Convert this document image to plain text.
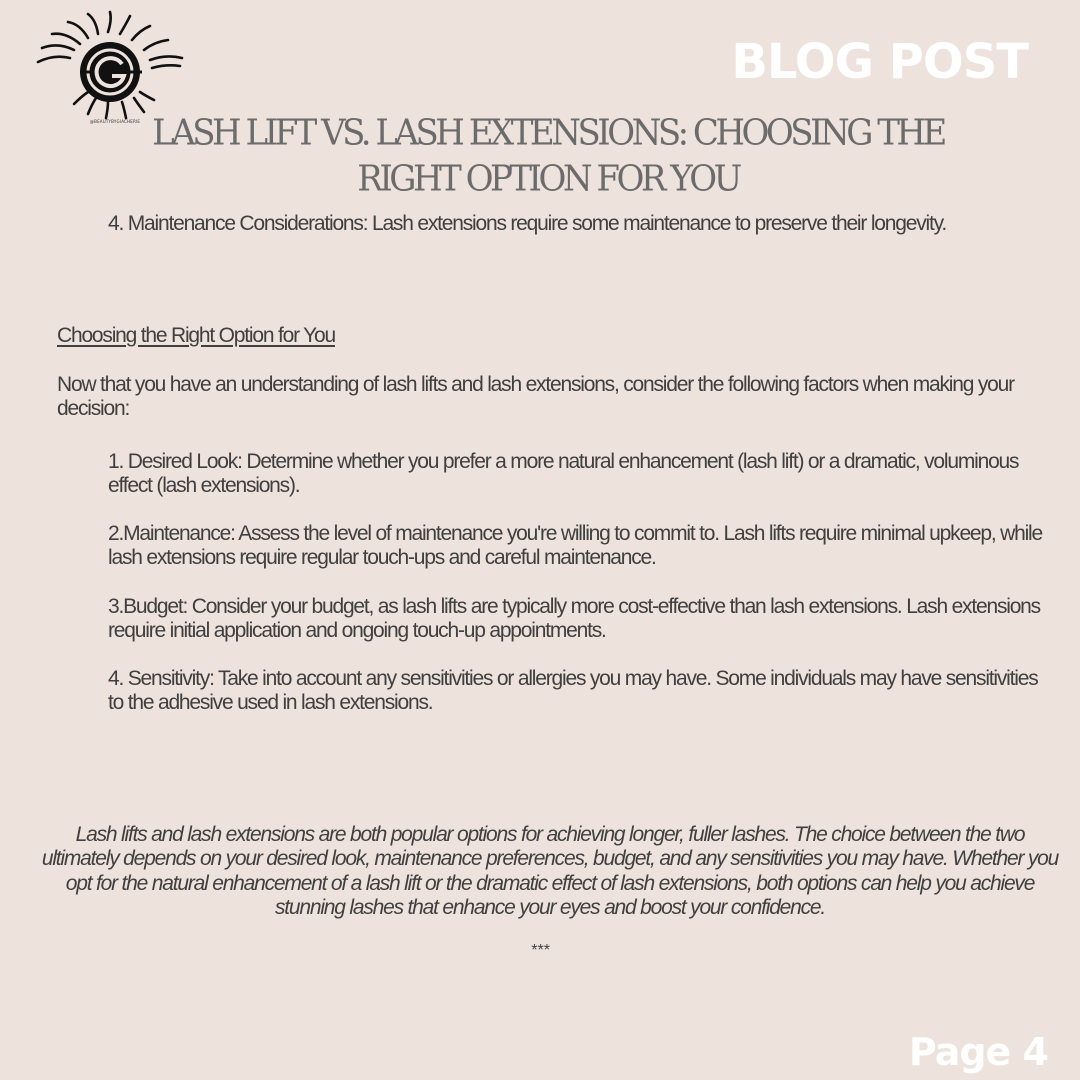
@BEAUTYBYGIACHERIE
BLOG POST
LASH LIFT VS. LASH EXTENSIONS: CHOOSING THE RIGHT OPTION FOR YOU

4. Maintenance Considerations: Lash extensions require some maintenance to preserve their longevity.

Choosing the Right Option for You

Now that you have an understanding of lash lifts and lash extensions, consider the following factors when making your decision:

1. Desired Look: Determine whether you prefer a more natural enhancement (lash lift) or a dramatic, voluminous effect (lash extensions).
2.Maintenance: Assess the level of maintenance you're willing to commit to. Lash lifts require minimal upkeep, while lash extensions require regular touch-ups and careful maintenance.
3.Budget: Consider your budget, as lash lifts are typically more cost-effective than lash extensions. Lash extensions require initial application and ongoing touch-up appointments.
4. Sensitivity: Take into account any sensitivities or allergies you may have. Some individuals may have sensitivities to the adhesive used in lash extensions.

Lash lifts and lash extensions are both popular options for achieving longer, fuller lashes. The choice between the two ultimately depends on your desired look, maintenance preferences, budget, and any sensitivities you may have. Whether you opt for the natural enhancement of a lash lift or the dramatic effect of lash extensions, both options can help you achieve stunning lashes that enhance your eyes and boost your confidence.

***
Page 4
